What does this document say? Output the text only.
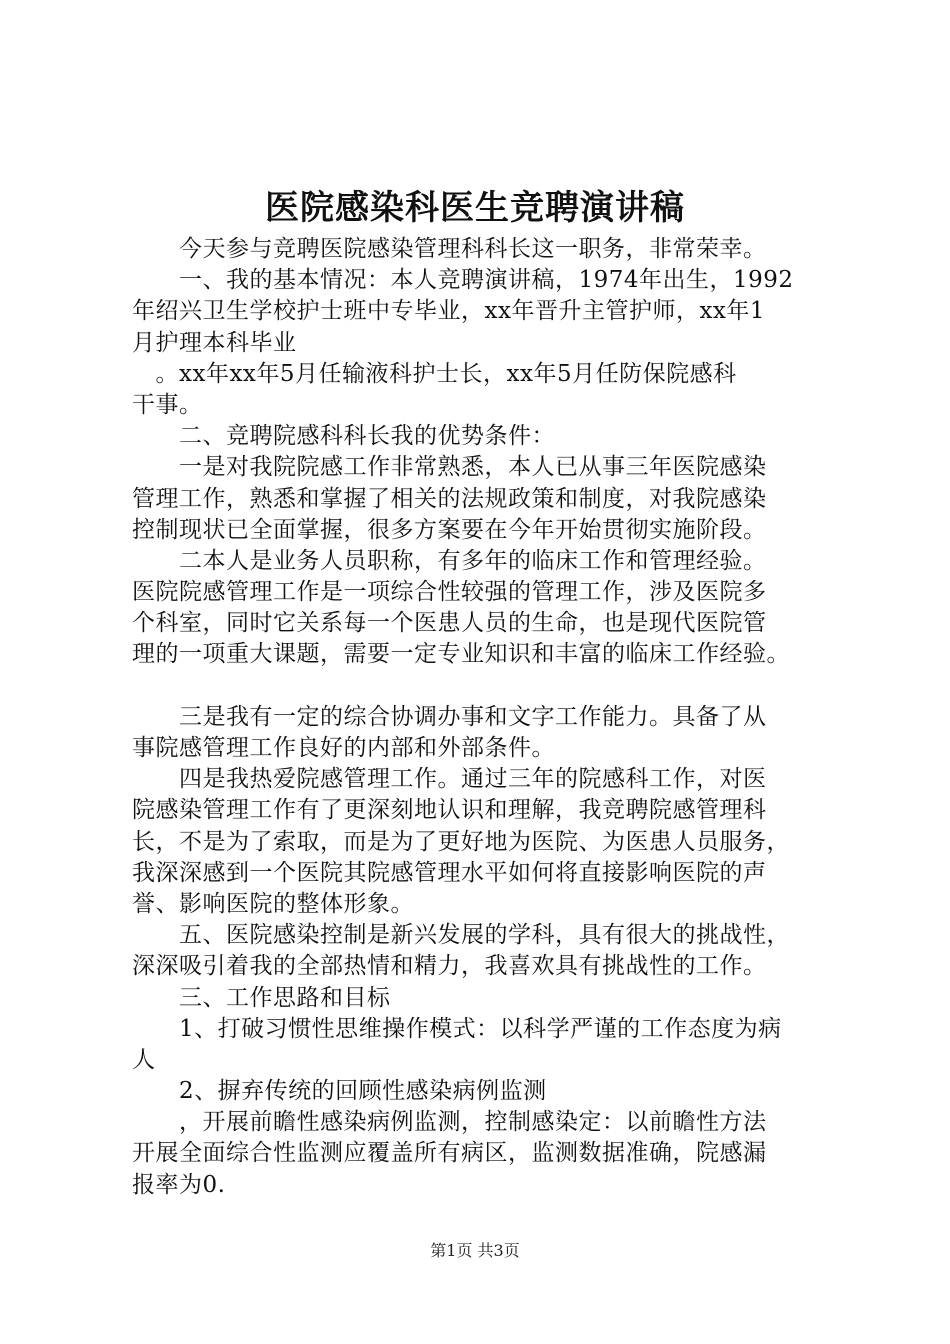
医院感染科医生竞聘演讲稿
　　今天参与竞聘医院感染管理科科长这一职务，非常荣幸。
　　一、我的基本情况：本人竞聘演讲稿，1974年出生，1992
年绍兴卫生学校护士班中专毕业，xx年晋升主管护师，xx年1
月护理本科毕业
　。xx年xx年5月任输液科护士长，xx年5月任防保院感科
干事。
　　二、竞聘院感科科长我的优势条件：
　　一是对我院院感工作非常熟悉，本人已从事三年医院感染
管理工作，熟悉和掌握了相关的法规政策和制度，对我院感染
控制现状已全面掌握，很多方案要在今年开始贯彻实施阶段。
　　二本人是业务人员职称，有多年的临床工作和管理经验。
医院院感管理工作是一项综合性较强的管理工作，涉及医院多
个科室，同时它关系每一个医患人员的生命，也是现代医院管
理的一项重大课题，需要一定专业知识和丰富的临床工作经验。
　　三是我有一定的综合协调办事和文字工作能力。具备了从
事院感管理工作良好的内部和外部条件。
　　四是我热爱院感管理工作。通过三年的院感科工作，对医
院感染管理工作有了更深刻地认识和理解，我竞聘院感管理科
长，不是为了索取，而是为了更好地为医院、为医患人员服务，
我深深感到一个医院其院感管理水平如何将直接影响医院的声
誉、影响医院的整体形象。
　　五、医院感染控制是新兴发展的学科，具有很大的挑战性，
深深吸引着我的全部热情和精力，我喜欢具有挑战性的工作。
　　三、工作思路和目标
　　1、打破习惯性思维操作模式：以科学严谨的工作态度为病
人
　　2、摒弃传统的回顾性感染病例监测
　　，开展前瞻性感染病例监测，控制感染定：以前瞻性方法
开展全面综合性监测应覆盖所有病区，监测数据准确，院感漏
报率为0.
第1页 共3页
